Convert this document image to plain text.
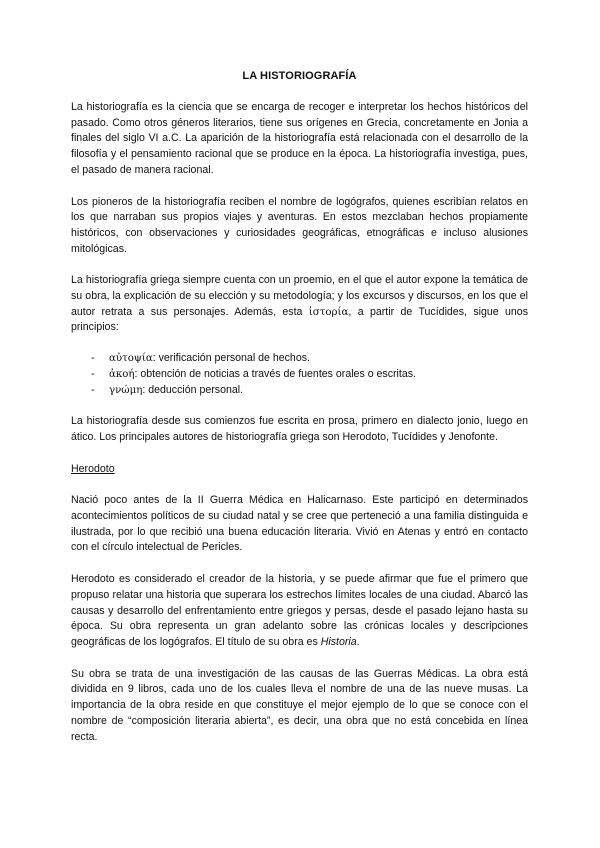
LA HISTORIOGRAFÍA

La historiografía es la ciencia que se encarga de recoger e interpretar los hechos históricos del pasado. Como otros géneros literarios, tiene sus orígenes en Grecia, concretamente en Jonia a finales del siglo VI a.C. La aparición de la historiografía está relacionada con el desarrollo de la filosofía y el pensamiento racional que se produce en la época. La historiografía investiga, pues, el pasado de manera racional.

Los pioneros de la historiografía reciben el nombre de logógrafos, quienes escribían relatos en los que narraban sus propios viajes y aventuras. En estos mezclaban hechos propiamente históricos, con observaciones y curiosidades geográficas, etnográficas e incluso alusiones mitológicas.

La historiografía griega siempre cuenta con un proemio, en el que el autor expone la temática de su obra, la explicación de su elección y su metodología; y los excursos y discursos, en los que el autor retrata a sus personajes. Además, esta ἱστορία, a partir de Tucídides, sigue unos principios:

- αὐτοψία: verificación personal de hechos.
- ἀκοή: obtención de noticias a través de fuentes orales o escritas.
- γνώμη: deducción personal.

La historiografía desde sus comienzos fue escrita en prosa, primero en dialecto jonio, luego en ático. Los principales autores de historiografía griega son Herodoto, Tucídides y Jenofonte.

Herodoto

Nació poco antes de la II Guerra Médica en Halicarnaso. Este participó en determinados acontecimientos políticos de su ciudad natal y se cree que perteneció a una familia distinguida e ilustrada, por lo que recibió una buena educación literaria. Vivió en Atenas y entró en contacto con el círculo intelectual de Pericles.

Herodoto es considerado el creador de la historia, y se puede afirmar que fue el primero que propuso relatar una historia que superara los estrechos límites locales de una ciudad. Abarcó las causas y desarrollo del enfrentamiento entre griegos y persas, desde el pasado lejano hasta su época. Su obra representa un gran adelanto sobre las crónicas locales y descripciones geográficas de los logógrafos. El título de su obra es Historia.

Su obra se trata de una investigación de las causas de las Guerras Médicas. La obra está dividida en 9 libros, cada uno de los cuales lleva el nombre de una de las nueve musas. La importancia de la obra reside en que constituye el mejor ejemplo de lo que se conoce con el nombre de “composición literaria abierta”, es decir, una obra que no está concebida en línea recta.
